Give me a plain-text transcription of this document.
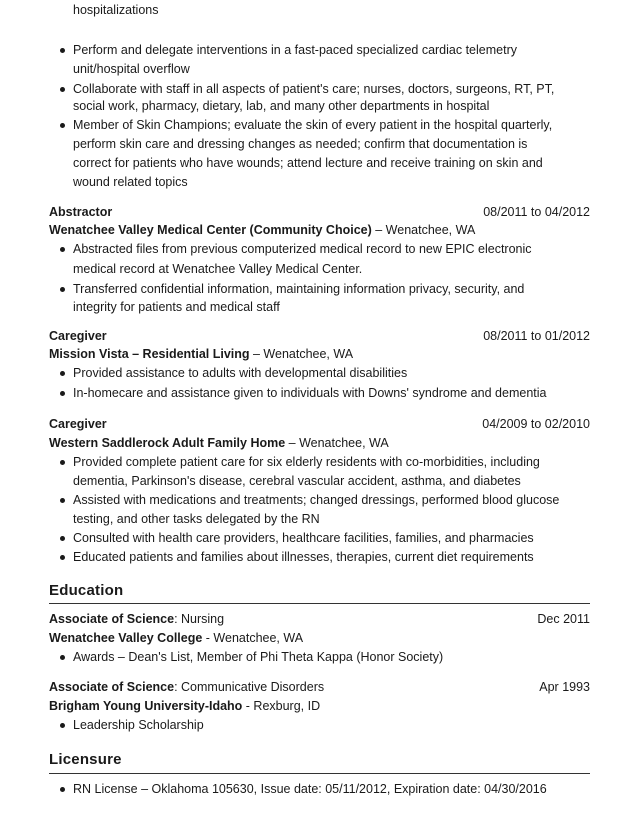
hospitalizations
Perform and delegate interventions in a fast-paced specialized cardiac telemetry
unit/hospital overflow
Collaborate with staff in all aspects of patient's care; nurses, doctors, surgeons, RT, PT,
social work, pharmacy, dietary, lab, and many other departments in hospital
Member of Skin Champions; evaluate the skin of every patient in the hospital quarterly,
perform skin care and dressing changes as needed; confirm that documentation is
correct for patients who have wounds; attend lecture and receive training on skin and
wound related topics
Abstractor	08/2011 to 04/2012
Wenatchee Valley Medical Center (Community Choice) – Wenatchee, WA
Abstracted files from previous computerized medical record to new EPIC electronic
medical record at Wenatchee Valley Medical Center.
Transferred confidential information, maintaining information privacy, security, and
integrity for patients and medical staff
Caregiver	08/2011 to 01/2012
Mission Vista – Residential Living – Wenatchee, WA
Provided assistance to adults with developmental disabilities
In-homecare and assistance given to individuals with Downs' syndrome and dementia
Caregiver	04/2009 to 02/2010
Western Saddlerock Adult Family Home – Wenatchee, WA
Provided complete patient care for six elderly residents with co-morbidities, including
dementia, Parkinson's disease, cerebral vascular accident, asthma, and diabetes
Assisted with medications and treatments; changed dressings, performed blood glucose
testing, and other tasks delegated by the RN
Consulted with health care providers, healthcare facilities, families, and pharmacies
Educated patients and families about illnesses, therapies, current diet requirements
Education
Associate of Science: Nursing	Dec 2011
Wenatchee Valley College - Wenatchee, WA
Awards – Dean's List, Member of Phi Theta Kappa (Honor Society)
Associate of Science: Communicative Disorders	Apr 1993
Brigham Young University-Idaho - Rexburg, ID
Leadership Scholarship
Licensure
RN License – Oklahoma 105630, Issue date: 05/11/2012, Expiration date: 04/30/2016
